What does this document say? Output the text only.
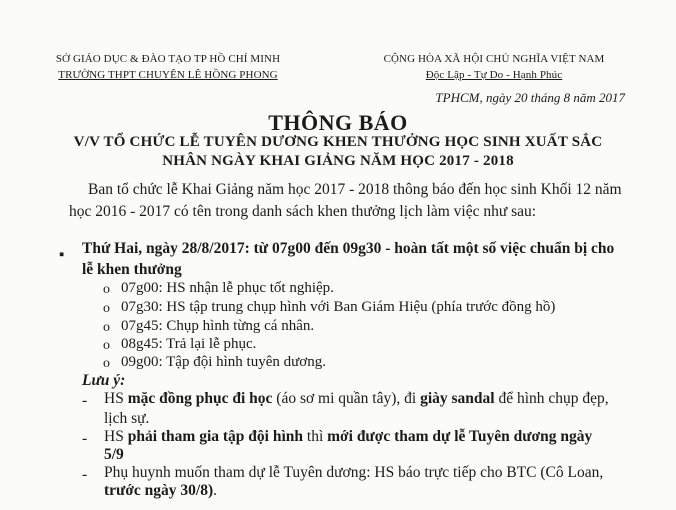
SỞ GIÁO DỤC & ĐÀO TẠO TP HỒ CHÍ MINH
TRƯỜNG THPT CHUYÊN LÊ HỒNG PHONG
CỘNG HÒA XÃ HỘI CHỦ NGHĨA VIỆT NAM
Độc Lập - Tự Do - Hạnh Phúc
TPHCM, ngày 20 tháng 8 năm 2017
THÔNG BÁO
V/V TỔ CHỨC LỄ TUYÊN DƯƠNG KHEN THƯỞNG HỌC SINH XUẤT SẮC
NHÂN NGÀY KHAI GIẢNG NĂM HỌC 2017 - 2018
Ban tổ chức lễ Khai Giảng năm học 2017 - 2018 thông báo đến học sinh Khối 12 năm
học 2016 - 2017 có tên trong danh sách khen thưởng lịch làm việc như sau:
▪ Thứ Hai, ngày 28/8/2017: từ 07g00 đến 09g30 - hoàn tất một số việc chuẩn bị cho
lễ khen thưởng
o 07g00: HS nhận lễ phục tốt nghiệp.
o 07g30: HS tập trung chụp hình với Ban Giám Hiệu (phía trước đồng hồ)
o 07g45: Chụp hình từng cá nhân.
o 08g45: Trả lại lễ phục.
o 09g00: Tập đội hình tuyên dương.
Lưu ý:
- HS mặc đồng phục đi học (áo sơ mi quần tây), đi giày sandal để hình chụp đẹp,
lịch sự.
- HS phải tham gia tập đội hình thì mới được tham dự lễ Tuyên dương ngày
5/9
- Phụ huynh muốn tham dự lễ Tuyên dương: HS báo trực tiếp cho BTC (Cô Loan,
trước ngày 30/8).
